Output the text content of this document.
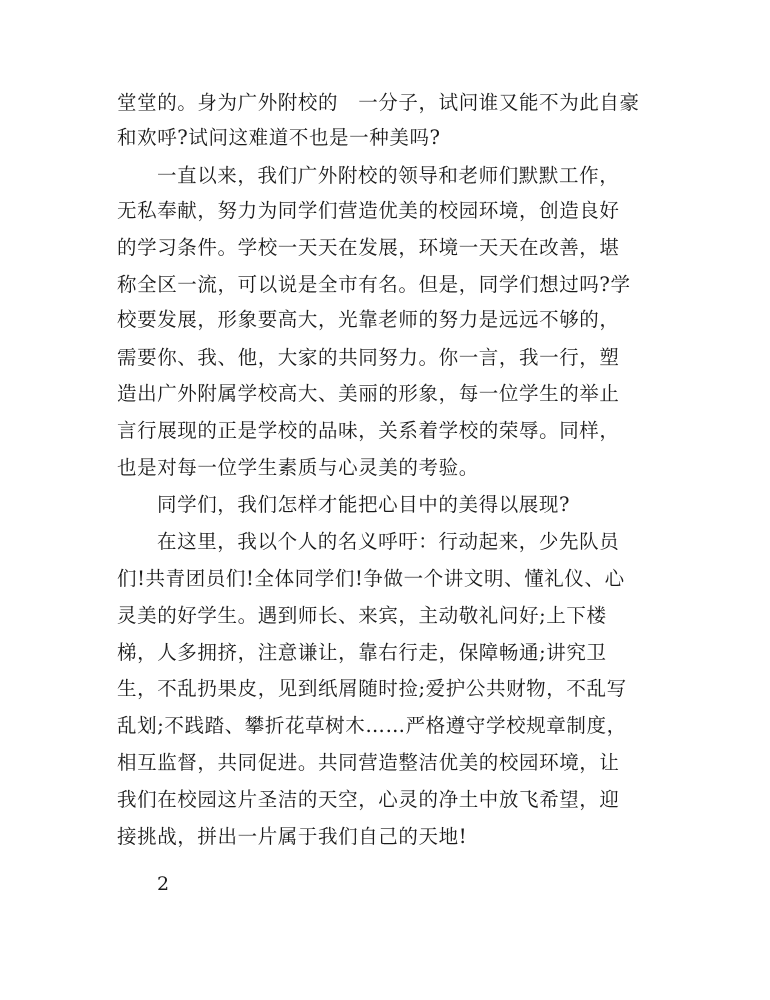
堂堂的。身为广外附校的　一分子，试问谁又能不为此自豪
和欢呼?试问这难道不也是一种美吗?
一直以来，我们广外附校的领导和老师们默默工作，
无私奉献，努力为同学们营造优美的校园环境，创造良好
的学习条件。学校一天天在发展，环境一天天在改善，堪
称全区一流，可以说是全市有名。但是，同学们想过吗?学
校要发展，形象要高大，光靠老师的努力是远远不够的，
需要你、我、他，大家的共同努力。你一言，我一行，塑
造出广外附属学校高大、美丽的形象，每一位学生的举止
言行展现的正是学校的品味，关系着学校的荣辱。同样，
也是对每一位学生素质与心灵美的考验。
同学们，我们怎样才能把心目中的美得以展现?
在这里，我以个人的名义呼吁：行动起来，少先队员
们!共青团员们!全体同学们!争做一个讲文明、懂礼仪、心
灵美的好学生。遇到师长、来宾，主动敬礼问好;上下楼
梯，人多拥挤，注意谦让，靠右行走，保障畅通;讲究卫
生，不乱扔果皮，见到纸屑随时捡;爱护公共财物，不乱写
乱划;不践踏、攀折花草树木……严格遵守学校规章制度，
相互监督，共同促进。共同营造整洁优美的校园环境，让
我们在校园这片圣洁的天空，心灵的净土中放飞希望，迎
接挑战，拼出一片属于我们自己的天地!
2
